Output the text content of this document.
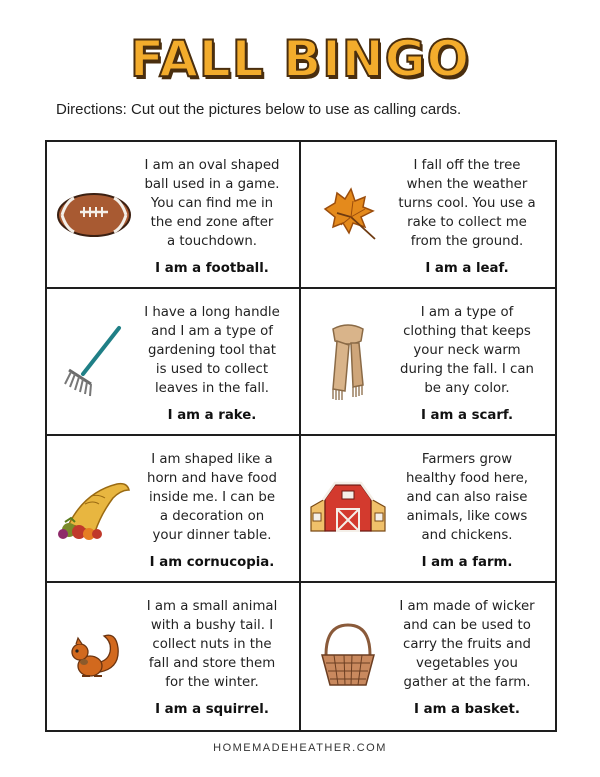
FALL BINGO
Directions: Cut out the pictures below to use as calling cards.
I am an oval shaped
ball used in a game.
You can find me in
the end zone after
a touchdown.
I am a football.
I fall off the tree
when the weather
turns cool. You use a
rake to collect me
from the ground.
I am a leaf.
I have a long handle
and I am a type of
gardening tool that
is used to collect
leaves in the fall.
I am a rake.
I am a type of
clothing that keeps
your neck warm
during the fall. I can
be any color.
I am a scarf.
I am shaped like a
horn and have food
inside me. I can be
a decoration on
your dinner table.
I am cornucopia.
Farmers grow
healthy food here,
and can also raise
animals, like cows
and chickens.
I am a farm.
I am a small animal
with a bushy tail. I
collect nuts in the
fall and store them
for the winter.
I am a squirrel.
I am made of wicker
and can be used to
carry the fruits and
vegetables you
gather at the farm.
I am a basket.
HOMEMADEHEATHER.COM
